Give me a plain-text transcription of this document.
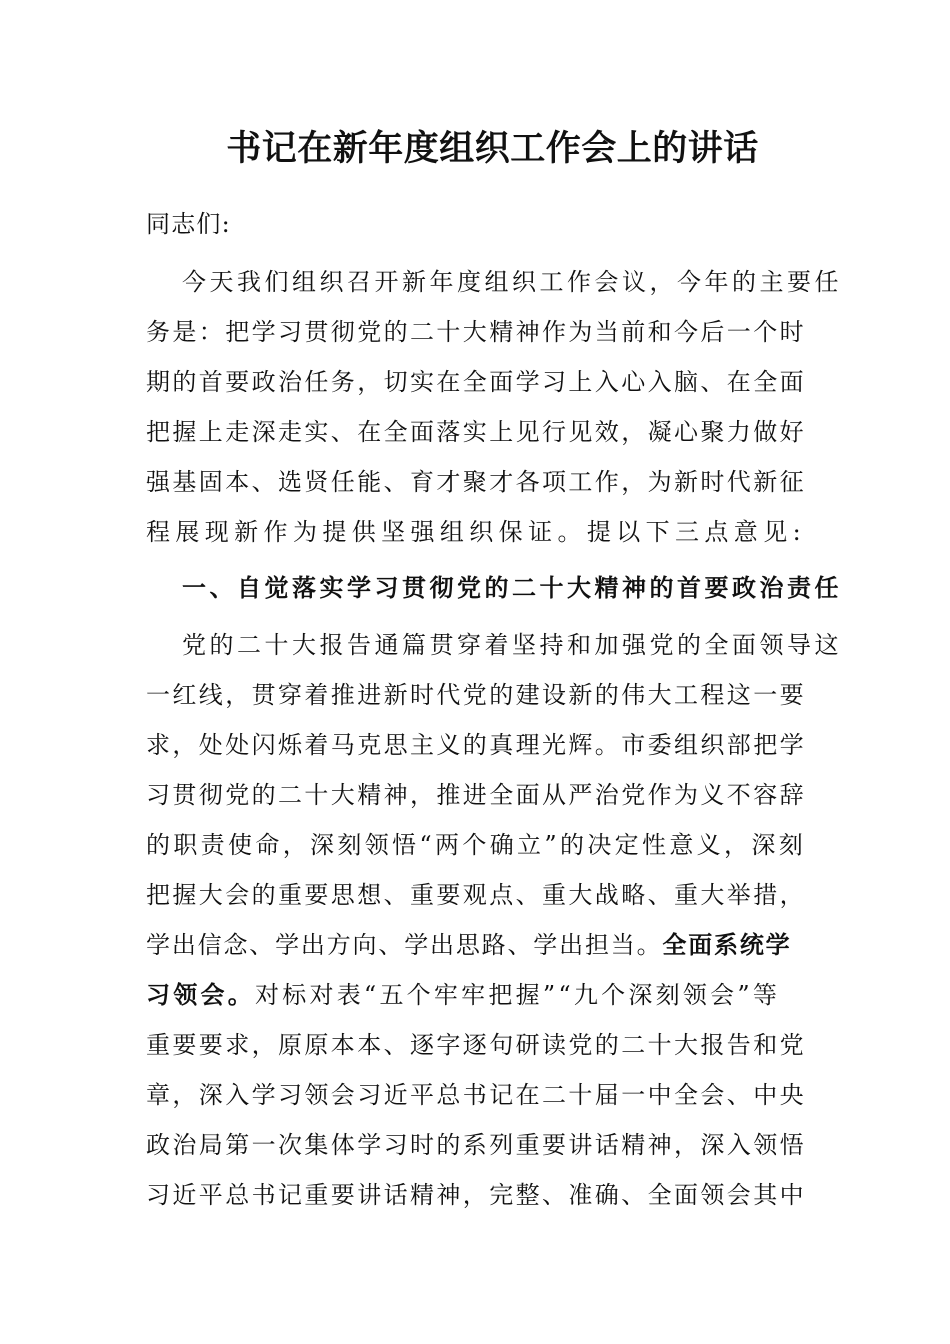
书记在新年度组织工作会上的讲话
同志们:
今天我们组织召开新年度组织工作会议，今年的主要任
务是：把学习贯彻党的二十大精神作为当前和今后一个时
期的首要政治任务，切实在全面学习上入心入脑、在全面
把握上走深走实、在全面落实上见行见效，凝心聚力做好
强基固本、选贤任能、育才聚才各项工作，为新时代新征
程展现新作为提供坚强组织保证。提以下三点意见:
一、自觉落实学习贯彻党的二十大精神的首要政治责任
党的二十大报告通篇贯穿着坚持和加强党的全面领导这
一红线，贯穿着推进新时代党的建设新的伟大工程这一要
求，处处闪烁着马克思主义的真理光辉。市委组织部把学
习贯彻党的二十大精神，推进全面从严治党作为义不容辞
的职责使命，深刻领悟“两个确立”的决定性意义，深刻
把握大会的重要思想、重要观点、重大战略、重大举措，
学出信念、学出方向、学出思路、学出担当。全面系统学
习领会。对标对表“五个牢牢把握”“九个深刻领会”等
重要要求，原原本本、逐字逐句研读党的二十大报告和党
章，深入学习领会习近平总书记在二十届一中全会、中央
政治局第一次集体学习时的系列重要讲话精神，深入领悟
习近平总书记重要讲话精神，完整、准确、全面领会其中
